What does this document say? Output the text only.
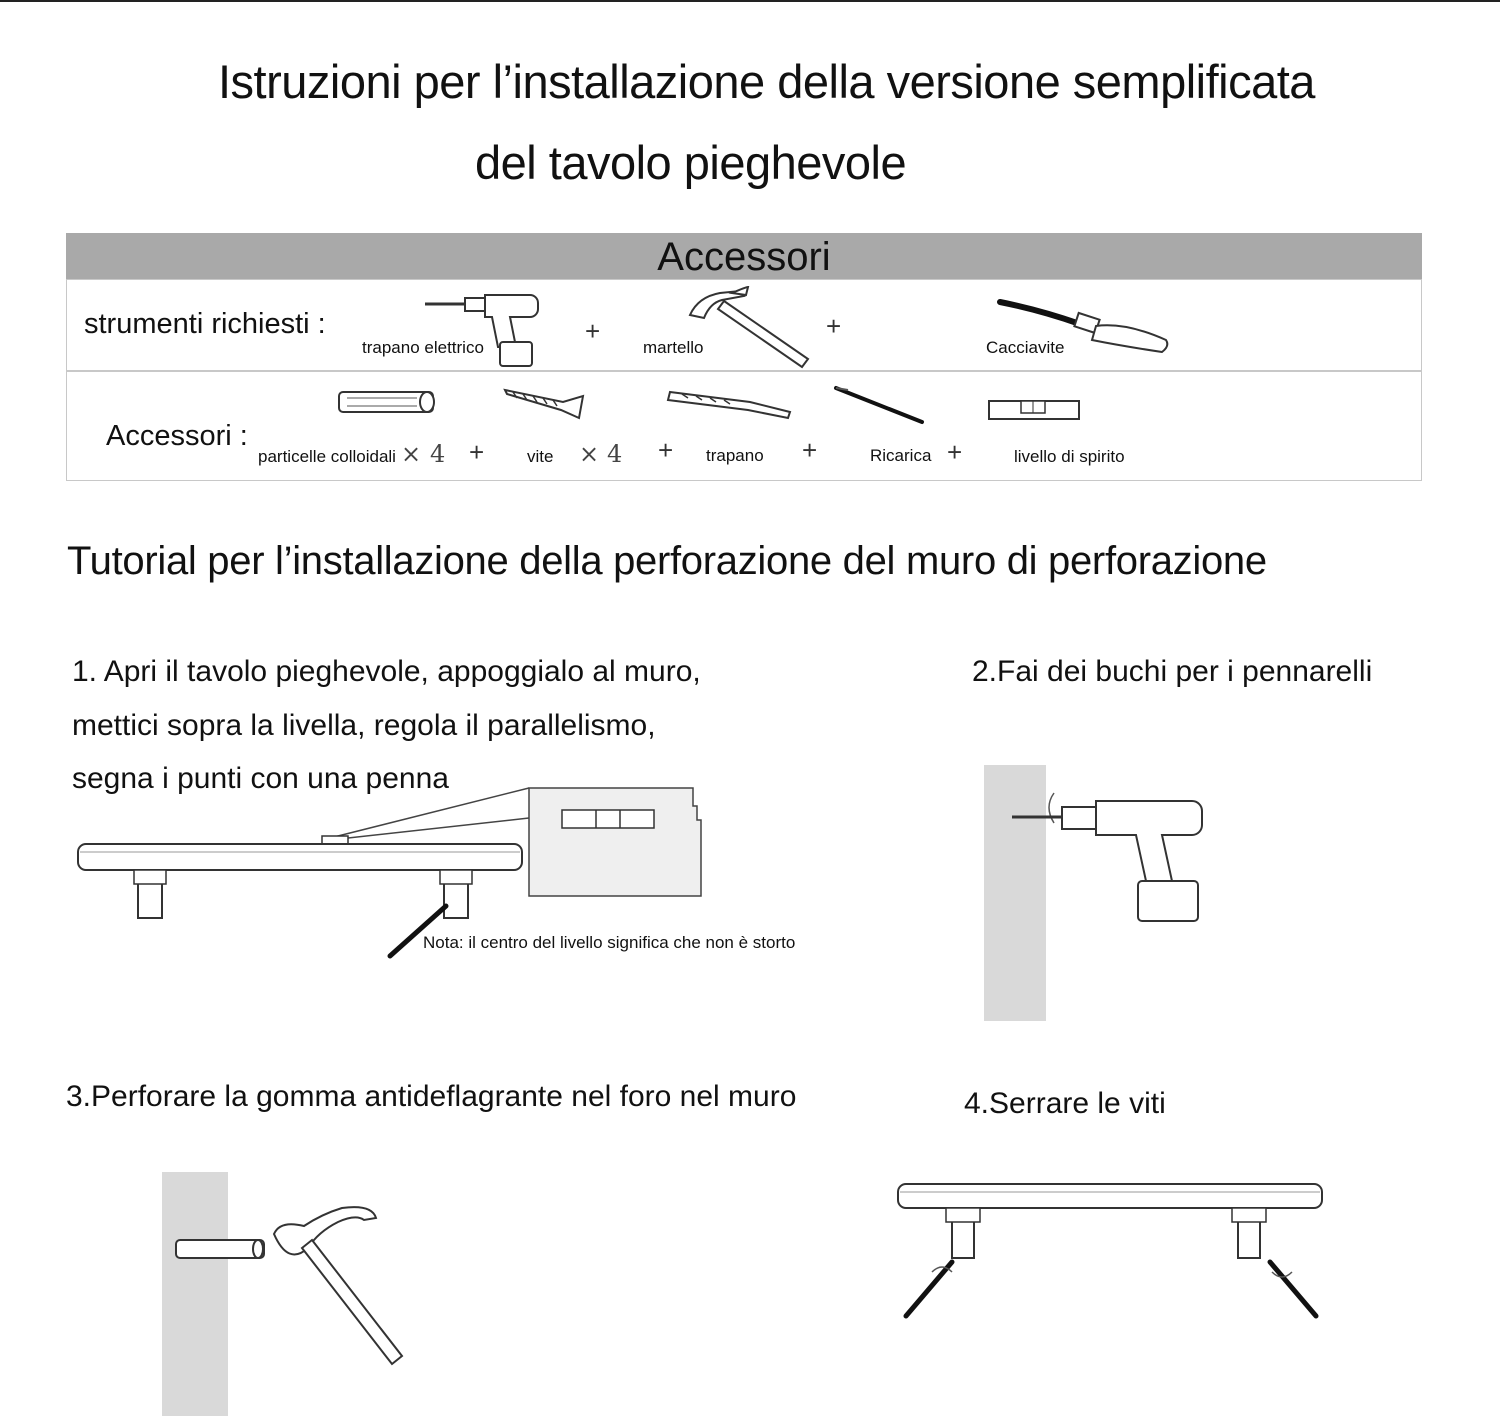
Istruzioni per l’installazione della versione semplificata
del tavolo pieghevole
Accessori
strumenti richiesti :
trapano elettrico
+
martello
+
Cacciavite
Accessori :
particelle colloidali × 4 +	vite × 4 + trapano +	Ricarica +	livello di spirito
Tutorial per l’installazione della perforazione del muro di perforazione
1. Apri il tavolo pieghevole, appoggialo al muro,
mettici sopra la livella, regola il parallelismo,
segna i punti con una penna
Nota: il centro del livello significa che non è storto
2.Fai dei buchi per i pennarelli
3.Perforare la gomma antideflagrante nel foro nel muro	4.Serrare le viti
